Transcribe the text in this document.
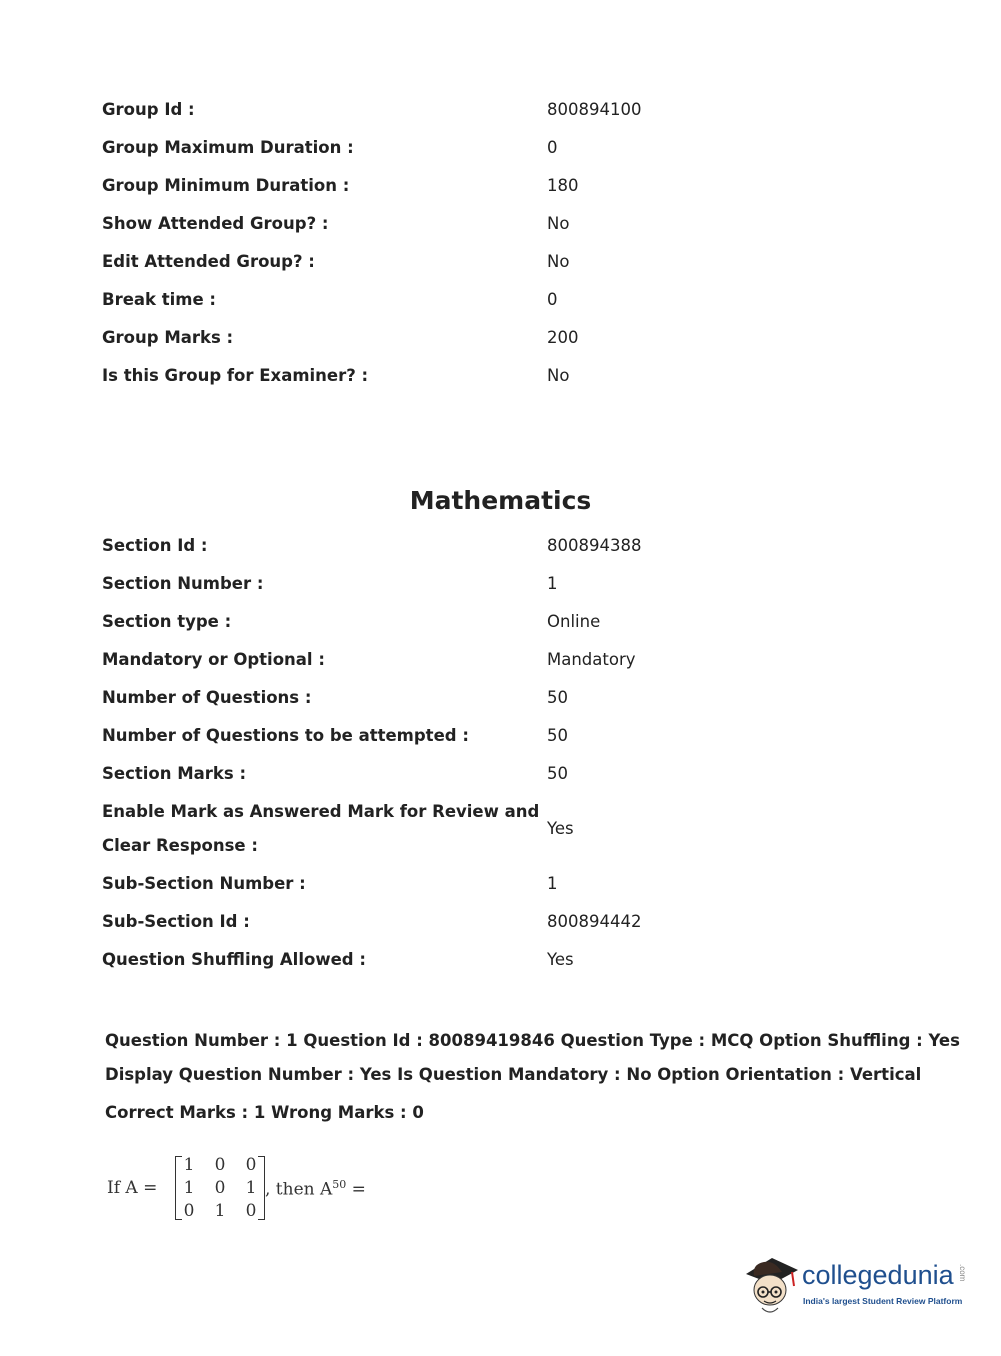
Group Id :	800894100
Group Maximum Duration :	0
Group Minimum Duration :	180
Show Attended Group? :	No
Edit Attended Group? :	No
Break time :	0
Group Marks :	200
Is this Group for Examiner? :	No
Mathematics
Section Id :	800894388
Section Number :	1
Section type :	Online
Mandatory or Optional :	Mandatory
Number of Questions :	50
Number of Questions to be attempted :	50
Section Marks :	50
Enable Mark as Answered Mark for Review and
Clear Response :
Yes
Sub-Section Number :	1
Sub-Section Id :	800894442
Question Shuffling Allowed :	Yes
Question Number : 1 Question Id : 80089419846 Question Type : MCQ Option Shuffling : Yes
Display Question Number : Yes Is Question Mandatory : No Option Orientation : Vertical
Correct Marks : 1 Wrong Marks : 0
If A =
1 0 0
1 0 1
0 1 0
, then $A^{50}$ =
collegedunia .com
India's largest Student Review Platform
